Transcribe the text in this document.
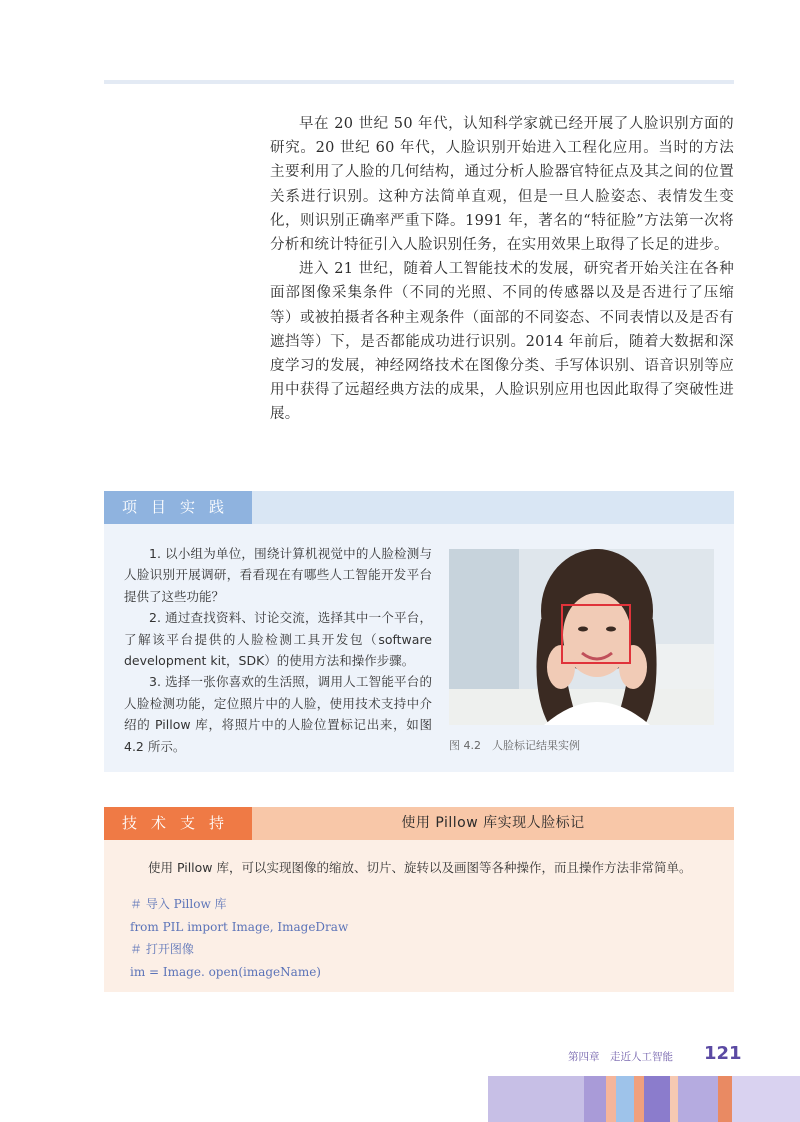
早在 20 世纪 50 年代，认知科学家就已经开展了人脸识别方面的研究。20 世纪 60 年代，人脸识别开始进入工程化应用。当时的方法主要利用了人脸的几何结构，通过分析人脸器官特征点及其之间的位置关系进行识别。这种方法简单直观，但是一旦人脸姿态、表情发生变化，则识别正确率严重下降。1991 年，著名的“特征脸”方法第一次将分析和统计特征引入人脸识别任务，在实用效果上取得了长足的进步。

进入 21 世纪，随着人工智能技术的发展，研究者开始关注在各种面部图像采集条件（不同的光照、不同的传感器以及是否进行了压缩等）或被拍摄者各种主观条件（面部的不同姿态、不同表情以及是否有遮挡等）下，是否都能成功进行识别。2014 年前后，随着大数据和深度学习的发展，神经网络技术在图像分类、手写体识别、语音识别等应用中获得了远超经典方法的成果，人脸识别应用也因此取得了突破性进展。

项目实践

1. 以小组为单位，围绕计算机视觉中的人脸检测与人脸识别开展调研，看看现在有哪些人工智能开发平台提供了这些功能？

2. 通过查找资料、讨论交流，选择其中一个平台，了解该平台提供的人脸检测工具开发包（software development kit，SDK）的使用方法和操作步骤。

3. 选择一张你喜欢的生活照，调用人工智能平台的人脸检测功能，定位照片中的人脸，使用技术支持中介绍的 Pillow 库，将照片中的人脸位置标记出来，如图 4.2 所示。	图 4.2　人脸标记结果实例
技术支持	使用 Pillow 库实现人脸标记
使用 Pillow 库，可以实现图像的缩放、切片、旋转以及画图等各种操作，而且操作方法非常简单。
＃ 导入 Pillow 库
from PIL import Image, ImageDraw
＃ 打开图像
im = Image. open(imageName)
第四章　走近人工智能 121
